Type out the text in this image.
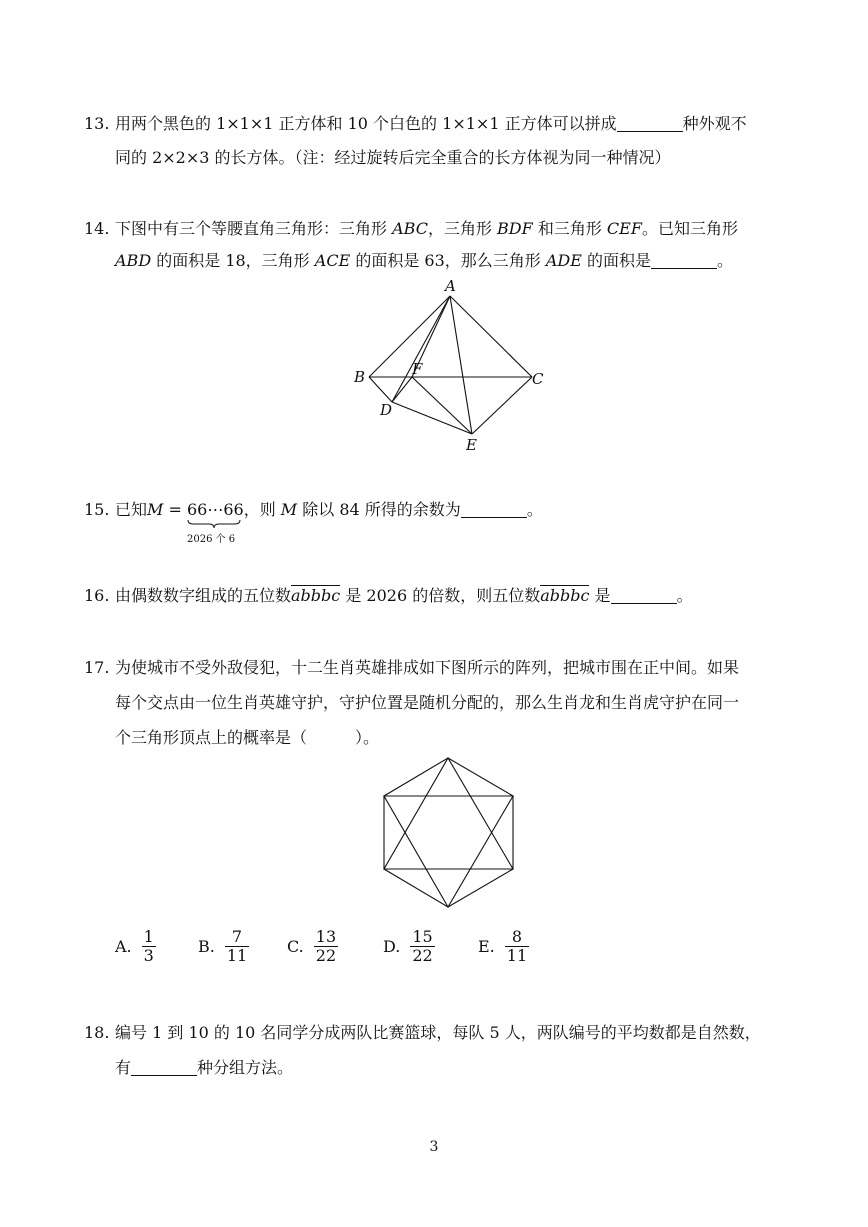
13. 用两个黑色的 1×1×1 正方体和 10 个白色的 1×1×1 正方体可以拼成	种外观不
同的 2×2×3 的长方体。（注：经过旋转后完全重合的长方体视为同一种情况）
14. 下图中有三个等腰直角三角形：三角形 ABC，三角形 BDF 和三角形 CEF。已知三角形
ABD 的面积是 18，三角形 ACE 的面积是 63，那么三角形 ADE 的面积是	。
A
B	C
D
E
F
15. 已知M = 66⋯66
2026 个 6
，则 M 除以 84 所得的余数为	。
16. 由偶数数字组成的五位数abbbc 是 2026 的倍数，则五位数abbbc 是	。
17. 为使城市不受外敌侵犯，十二生肖英雄排成如下图所示的阵列，把城市围在正中间。如果
每个交点由一位生肖英雄守护，守护位置是随机分配的，那么生肖龙和生肖虎守护在同一
个三角形顶点上的概率是（　　　）。
A. $\frac{1}{3}$	B. $\frac{7}{11} C$. $\frac{13}{22}$	D. $\frac{15}{22}$	E. $\frac{8}{11}$
18. 编号 1 到 10 的 10 名同学分成两队比赛篮球，每队 5 人，两队编号的平均数都是自然数，
有	种分组方法。
3
